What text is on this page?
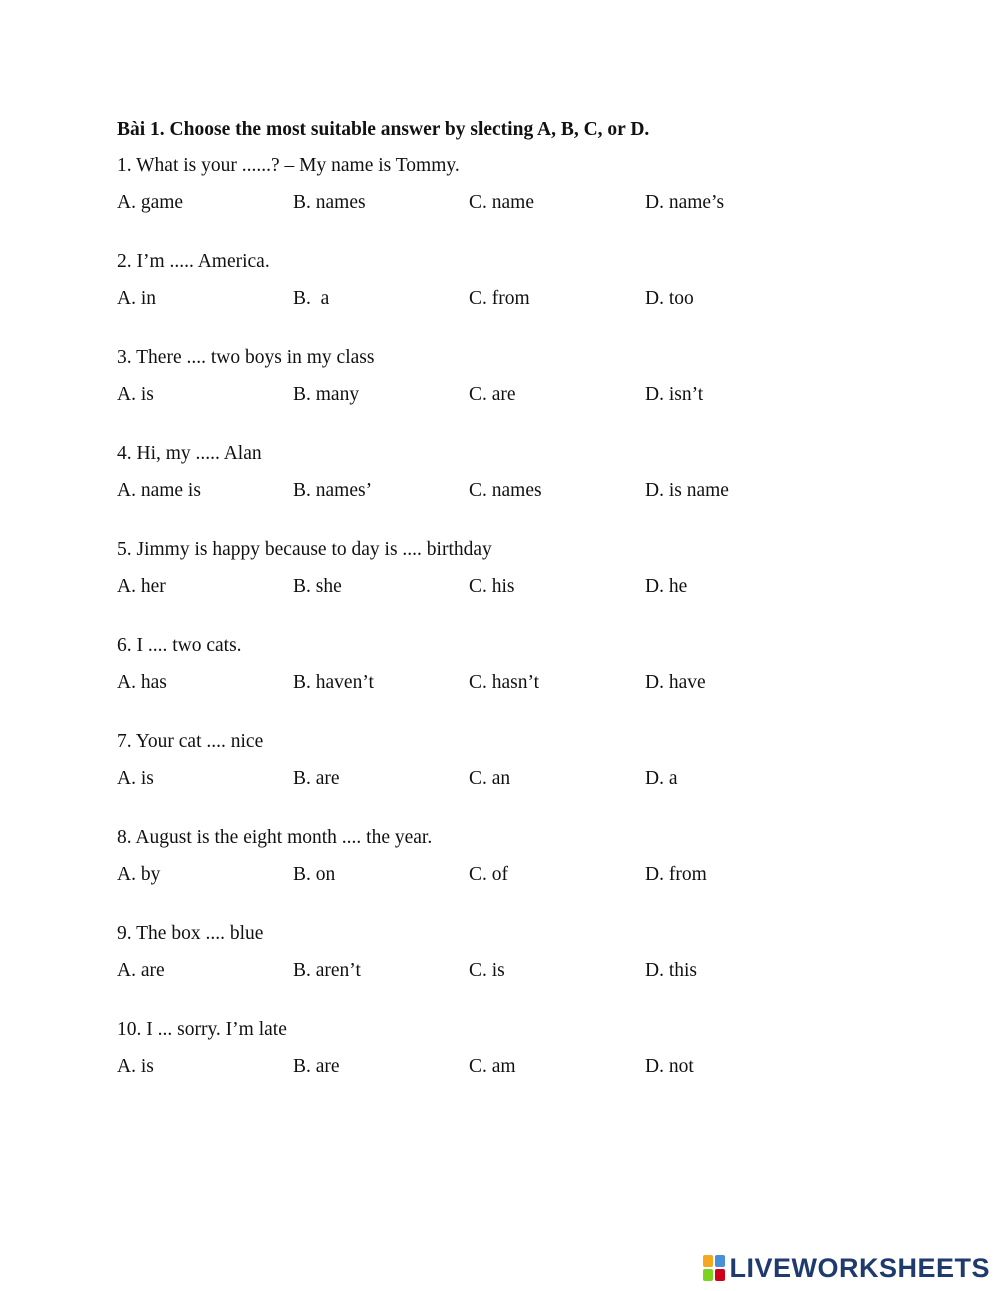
Bài 1. Choose the most suitable answer by slecting A, B, C, or D.

1. What is your ......? – My name is Tommy.
A. game	B. names	C. name	D. name’s
2. I’m ..... America.
A. in	B.  a	C. from	D. too
3. There .... two boys in my class
A. is	B. many	C. are	D. isn’t
4. Hi, my ..... Alan
A. name is	B. names’	C. names	D. is name
5. Jimmy is happy because to day is .... birthday
A. her	B. she	C. his	D. he
6. I .... two cats.
A. has	B. haven’t	C. hasn’t	D. have
7. Your cat .... nice
A. is	B. are	C. an	D. a
8. August is the eight month .... the year.
A. by	B. on	C. of	D. from
9. The box .... blue
A. are	B. aren’t	C. is	D. this
10. I ... sorry. I’m late
A. is	B. are	C. am	D. not
LIVEWORKSHEETS
